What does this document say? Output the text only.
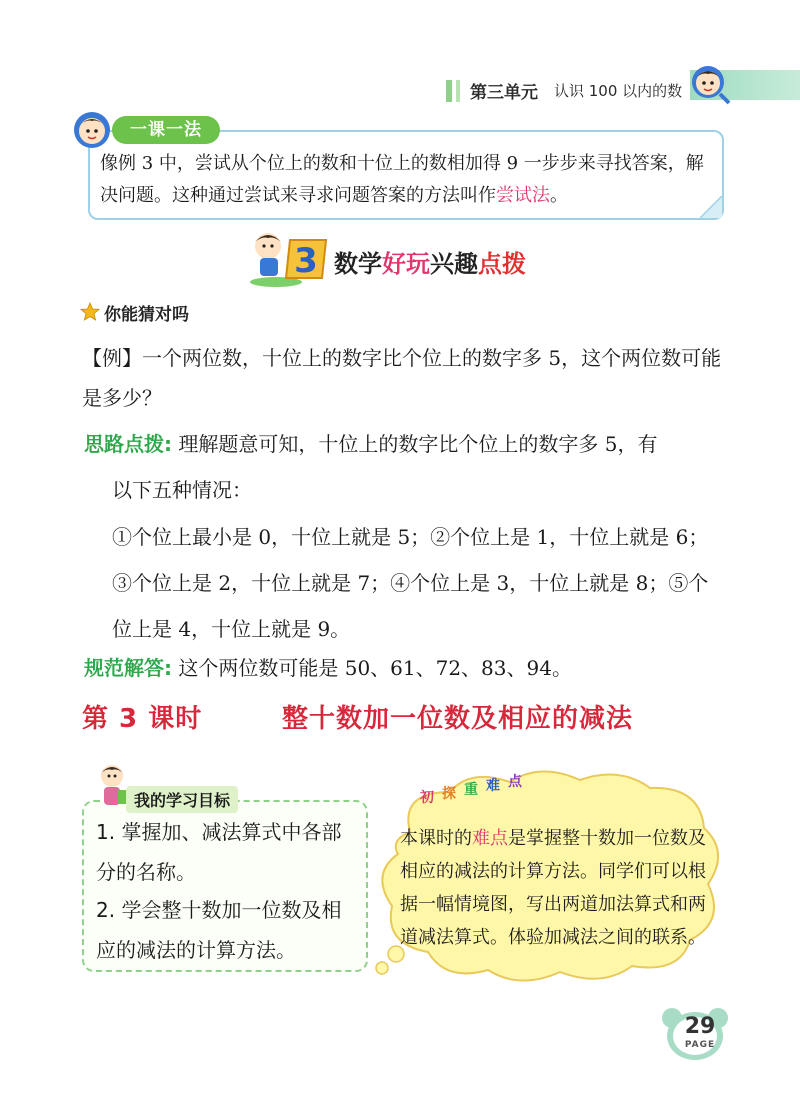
第三单元 认识 100 以内的数
一课一法
像例 3 中，尝试从个位上的数和十位上的数相加得 9 一步步来寻找答案，解决问题。这种通过尝试来寻求问题答案的方法叫作尝试法。
3 数学好玩兴趣点拨
你能猜对吗
【例】一个两位数，十位上的数字比个位上的数字多 5，这个两位数可能是多少？
思路点拨: 理解题意可知，十位上的数字比个位上的数字多 5，有
以下五种情况：
①个位上最小是 0，十位上就是 5；②个位上是 1，十位上就是 6；③个位上是 2，十位上就是 7；④个位上是 3，十位上就是 8；⑤个位上是 4，十位上就是 9。
规范解答: 这个两位数可能是 50、61、72、83、94。
第 3 课时	整十数加一位数及相应的减法
我的学习目标
1. 掌握加、减法算式中各部分的名称。
2. 学会整十数加一位数及相应的减法的计算方法。
初 探 重 难 点
本课时的难点是掌握整十数加一位数及相应的减法的计算方法。同学们可以根据一幅情境图，写出两道加法算式和两道减法算式。体验加减法之间的联系。
29
PAGE
